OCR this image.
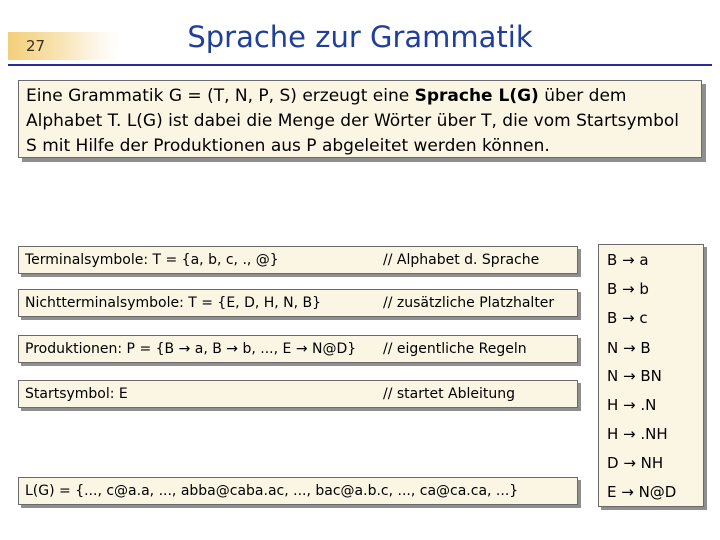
27	Sprache zur Grammatik
Eine Grammatik G = (T, N, P, S) erzeugt eine Sprache L(G) über dem Alphabet T. L(G) ist dabei die Menge der Wörter über T, die vom Startsymbol S mit Hilfe der Produktionen aus P abgeleitet werden können.
Terminalsymbole: T = {a, b, c, ., @}	// Alphabet d. Sprache
Nichtterminalsymbole: T = {E, D, H, N, B}	// zusätzliche Platzhalter
Produktionen: P = {B → a, B → b, ..., E → N@D} // eigentliche Regeln
Startsymbol: E	// startet Ableitung
L(G) = {..., c@a.a, ..., abba@caba.ac, ..., bac@a.b.c, ..., ca@ca.ca, ...}
B → a
B → b
B → c
N → B
N → BN
H → .N
H → .NH
D → NH
E → N@D
